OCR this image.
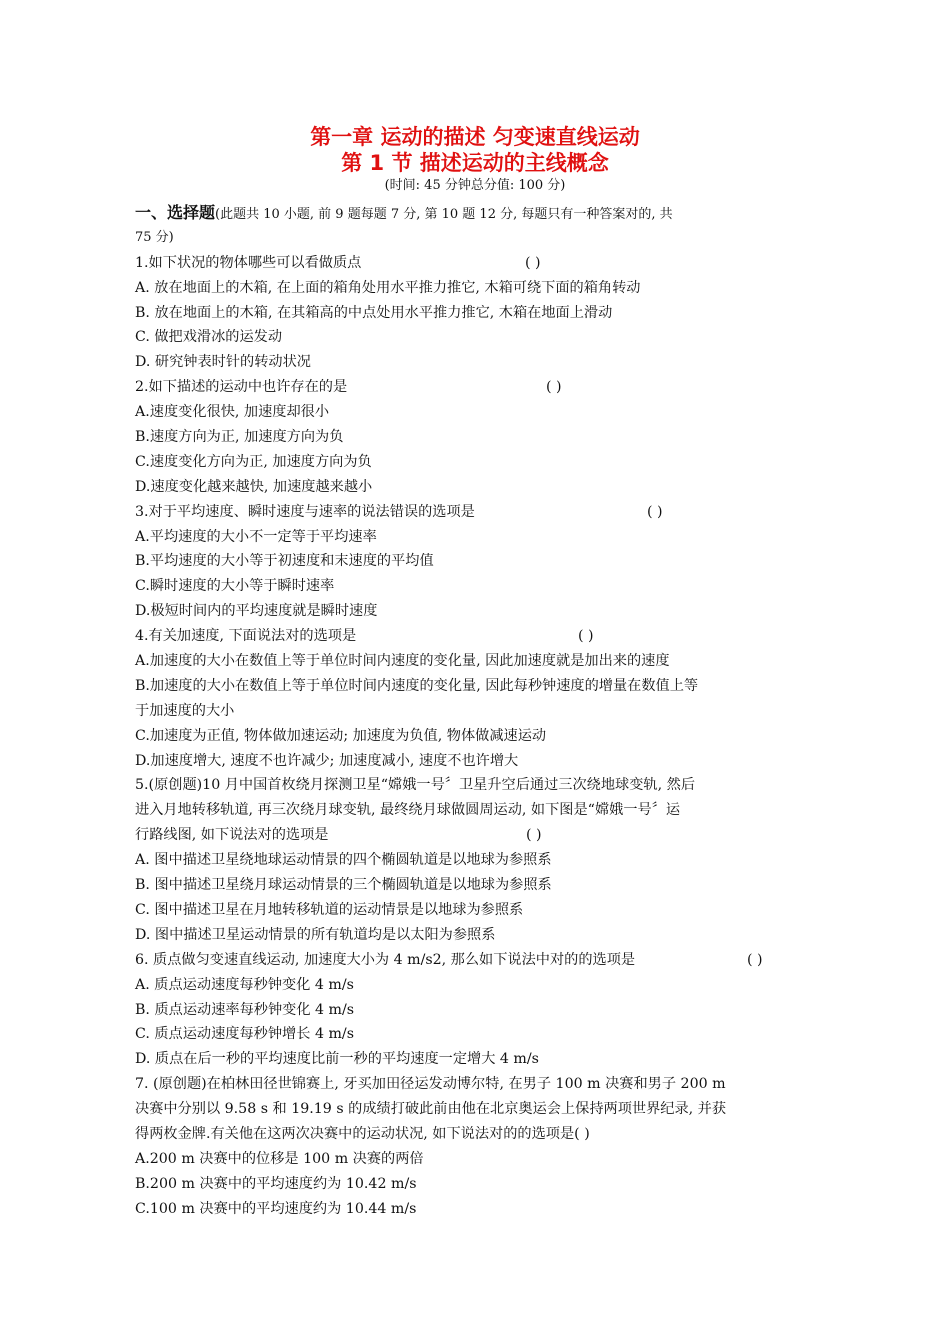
第一章 运动的描述 匀变速直线运动
第 1 节 描述运动的主线概念
(时间: 45 分钟总分值: 100 分)
一、选择题(此题共 10 小题, 前 9 题每题 7 分, 第 10 题 12 分, 每题只有一种答案对的, 共
75 分)
1.如下状况的物体哪些可以看做质点	( )
A. 放在地面上的木箱, 在上面的箱角处用水平推力推它, 木箱可绕下面的箱角转动
B. 放在地面上的木箱, 在其箱高的中点处用水平推力推它, 木箱在地面上滑动
C. 做把戏滑冰的运发动
D. 研究钟表时针的转动状况
2.如下描述的运动中也许存在的是	( )
A.速度变化很快, 加速度却很小
B.速度方向为正, 加速度方向为负
C.速度变化方向为正, 加速度方向为负
D.速度变化越来越快, 加速度越来越小
3.对于平均速度、瞬时速度与速率的说法错误的选项是	( )
A.平均速度的大小不一定等于平均速率
B.平均速度的大小等于初速度和末速度的平均值
C.瞬时速度的大小等于瞬时速率
D.极短时间内的平均速度就是瞬时速度
4.有关加速度, 下面说法对的选项是	( )
A.加速度的大小在数值上等于单位时间内速度的变化量, 因此加速度就是加出来的速度
B.加速度的大小在数值上等于单位时间内速度的变化量, 因此每秒钟速度的增量在数值上等
于加速度的大小
C.加速度为正值, 物体做加速运动; 加速度为负值, 物体做减速运动
D.加速度增大, 速度不也许减少; 加速度减小, 速度不也许增大
5.(原创题)10 月中国首枚绕月探测卫星“嫦娥一号〞卫星升空后通过三次绕地球变轨, 然后
进入月地转移轨道, 再三次绕月球变轨, 最终绕月球做圆周运动, 如下图是“嫦娥一号〞运
行路线图, 如下说法对的选项是	( )
A. 图中描述卫星绕地球运动情景的四个椭圆轨道是以地球为参照系
B. 图中描述卫星绕月球运动情景的三个椭圆轨道是以地球为参照系
C. 图中描述卫星在月地转移轨道的运动情景是以地球为参照系
D. 图中描述卫星运动情景的所有轨道均是以太阳为参照系
6. 质点做匀变速直线运动, 加速度大小为 4 m/s2, 那么如下说法中对的的选项是	( )
A. 质点运动速度每秒钟变化 4 m/s
B. 质点运动速率每秒钟变化 4 m/s
C. 质点运动速度每秒钟增长 4 m/s
D. 质点在后一秒的平均速度比前一秒的平均速度一定增大 4 m/s
7. (原创题)在柏林田径世锦赛上, 牙买加田径运发动博尔特, 在男子 100 m 决赛和男子 200 m
决赛中分别以 9.58 s 和 19.19 s 的成绩打破此前由他在北京奥运会上保持两项世界纪录, 并获
得两枚金牌.有关他在这两次决赛中的运动状况, 如下说法对的的选项是( )
A.200 m 决赛中的位移是 100 m 决赛的两倍
B.200 m 决赛中的平均速度约为 10.42 m/s
C.100 m 决赛中的平均速度约为 10.44 m/s
